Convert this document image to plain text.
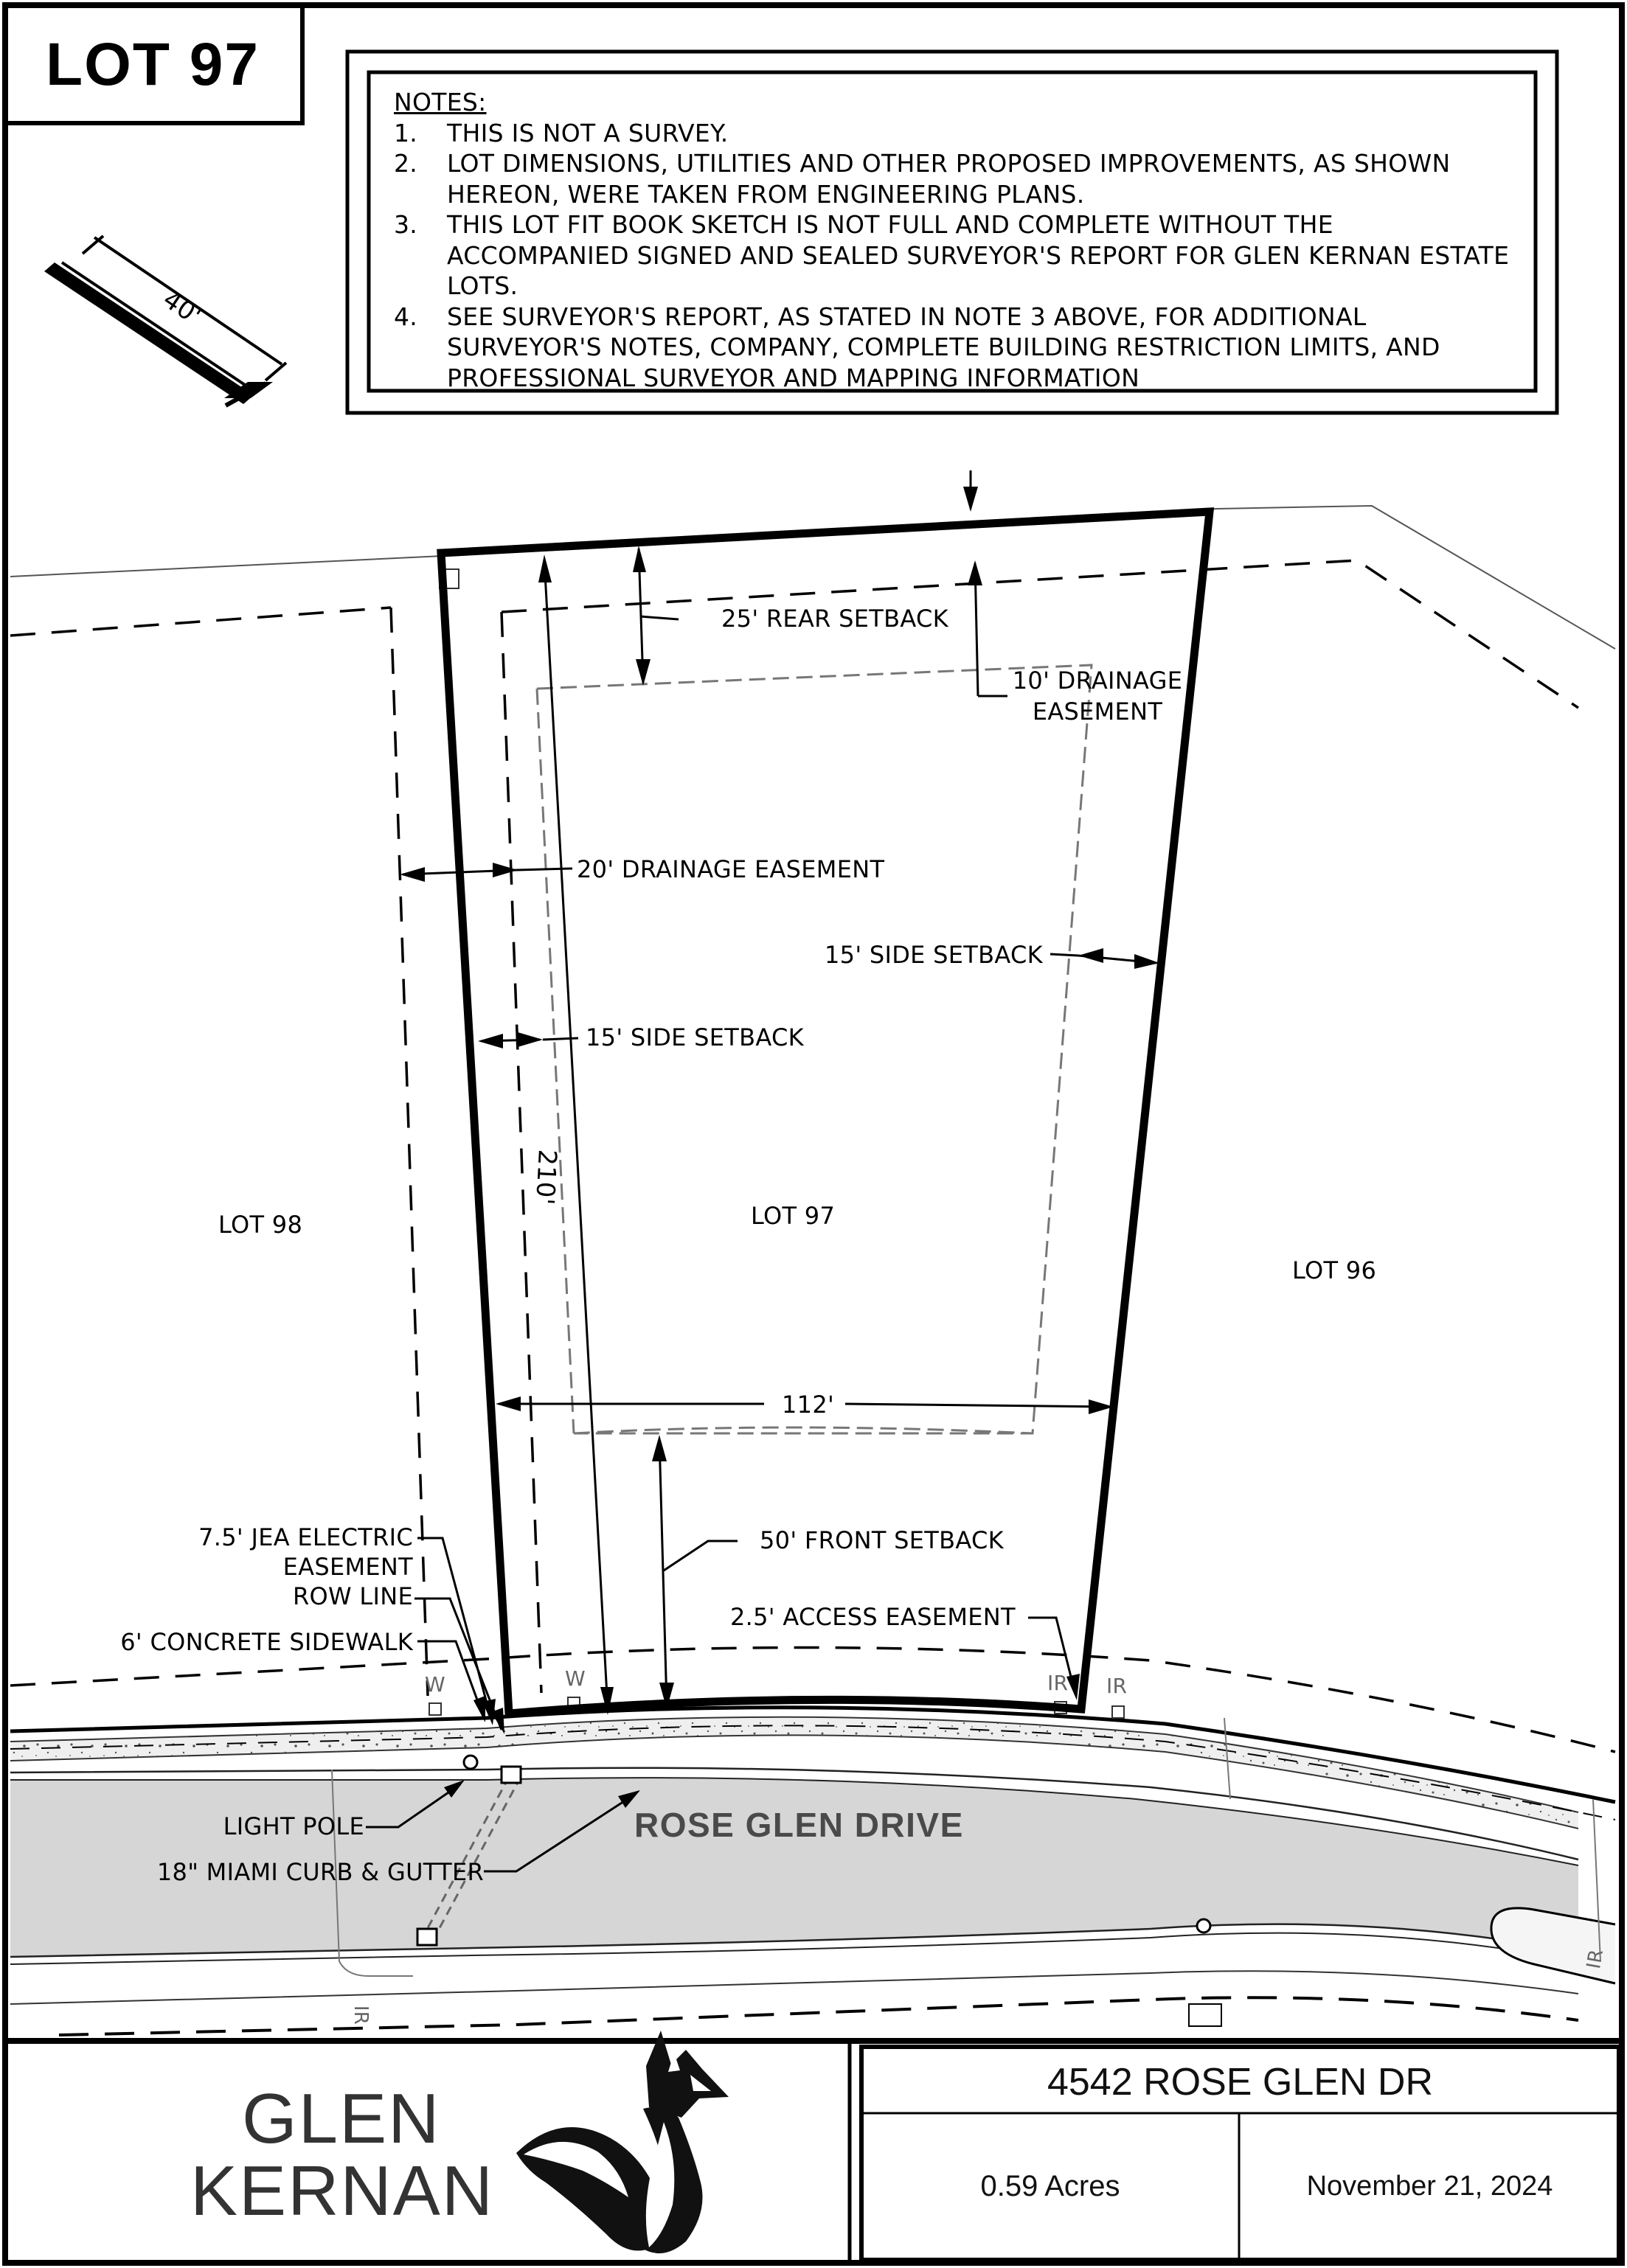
LOT 97
NOTES:
1.	THIS IS NOT A SURVEY.
2.	LOT DIMENSIONS, UTILITIES AND OTHER PROPOSED IMPROVEMENTS, AS SHOWN HEREON, WERE TAKEN FROM ENGINEERING PLANS.
3.	THIS LOT FIT BOOK SKETCH IS NOT FULL AND COMPLETE WITHOUT THE ACCOMPANIED SIGNED AND SEALED SURVEYOR'S REPORT FOR GLEN KERNAN ESTATE LOTS.
4.	SEE SURVEYOR'S REPORT, AS STATED IN NOTE 3 ABOVE, FOR ADDITIONAL SURVEYOR'S NOTES, COMPANY, COMPLETE BUILDING RESTRICTION LIMITS, AND PROFESSIONAL SURVEYOR AND MAPPING INFORMATION
40'
25' REAR SETBACK
10' DRAINAGE
EASEMENT
20' DRAINAGE EASEMENT
15' SIDE SETBACK
15' SIDE SETBACK
210'
LOT 98	LOT 97
LOT 96
112'
50' FRONT SETBACK
7.5' JEA ELECTRIC
EASEMENT
ROW LINE
6' CONCRETE SIDEWALK
2.5' ACCESS EASEMENT
LIGHT POLE
18" MIAMI CURB & GUTTER
ROSE GLEN DRIVE
W	W	IR IR
IR
IR
GLEN
KERNAN
4542 ROSE GLEN DR
0.59 Acres	November 21, 2024
